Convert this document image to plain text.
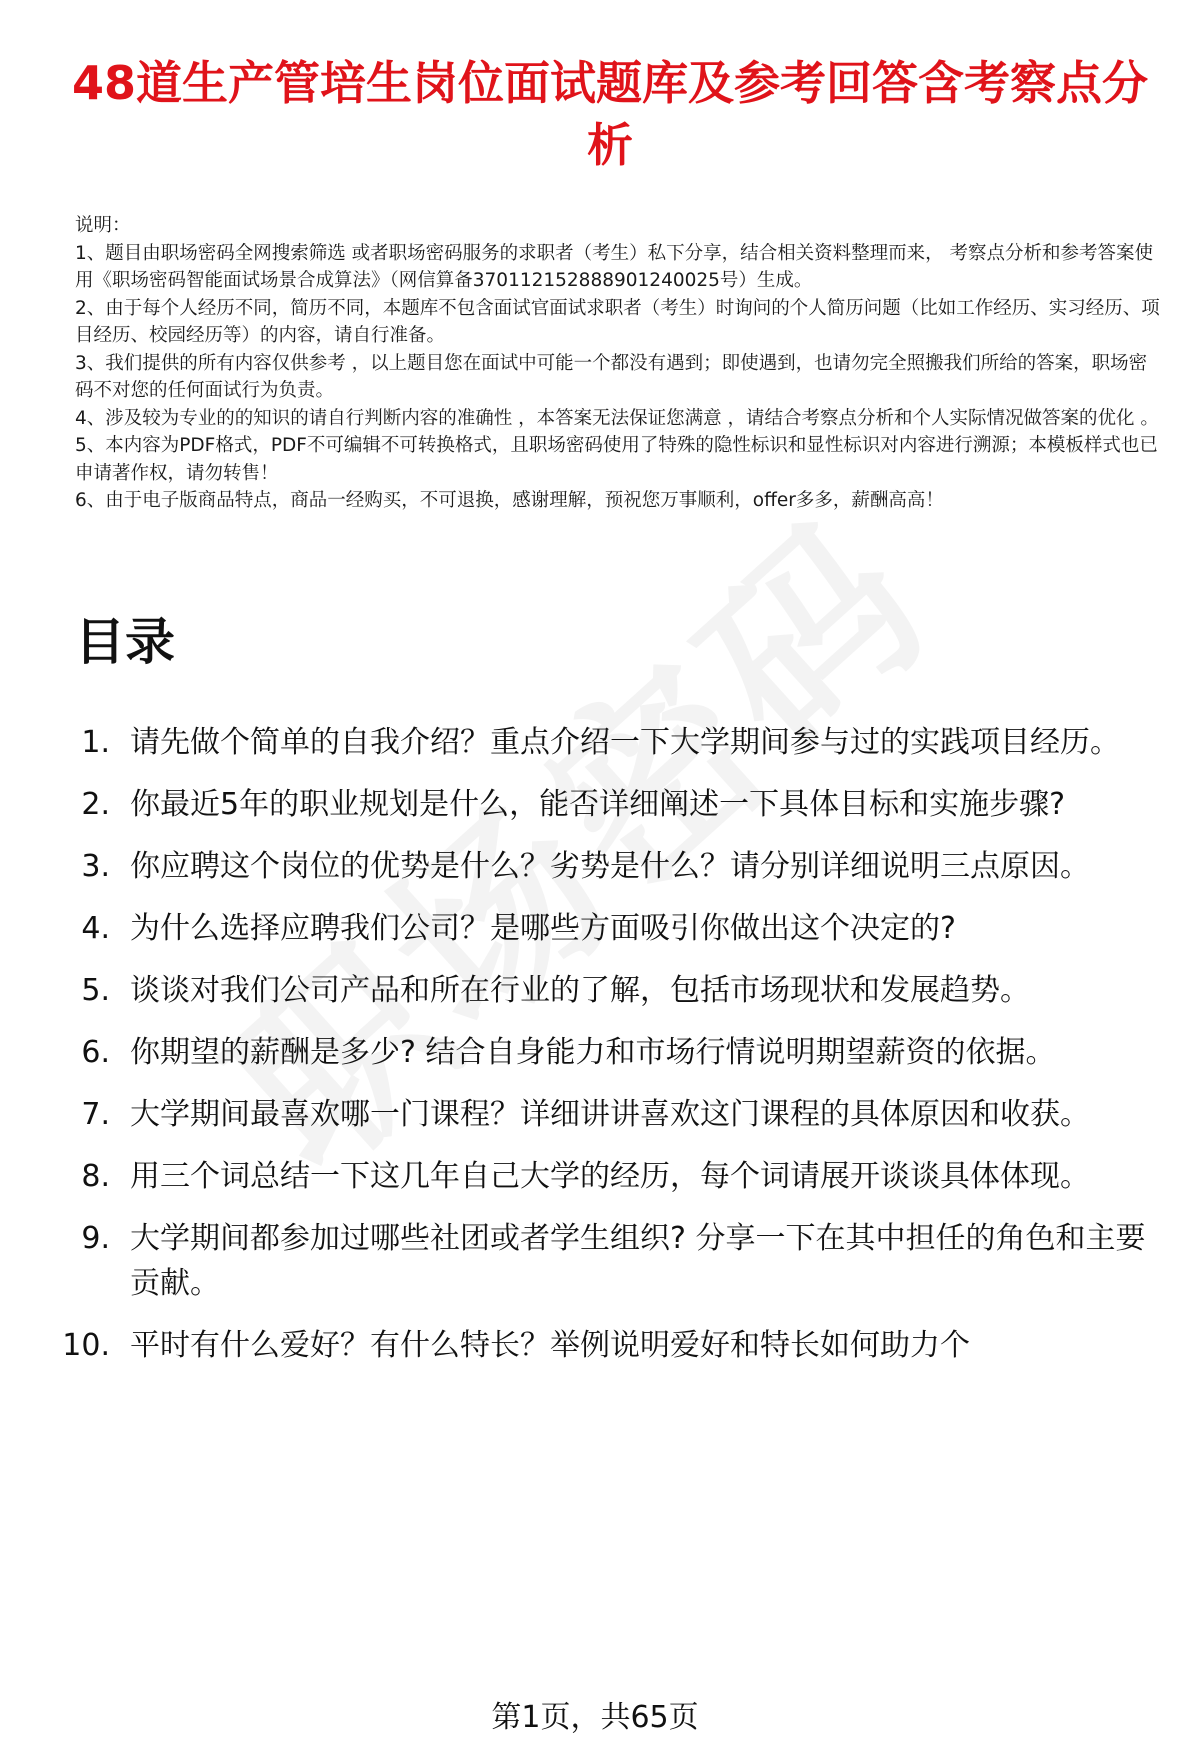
48道生产管培生岗位面试题库及参考回答含考察点分析

说明：

1、题目由职场密码全网搜索筛选 或者职场密码服务的求职者（考生）私下分享，结合相关资料整理而来， 考察点分析和参考答案使用《职场密码智能面试场景合成算法》（网信算备370112152888901240025号）生成。

2、由于每个人经历不同，简历不同，本题库不包含面试官面试求职者（考生）时询问的个人简历问题（比如工作经历、实习经历、项目经历、校园经历等）的内容，请自行准备。

3、我们提供的所有内容仅供参考 ，以上题目您在面试中可能一个都没有遇到；即使遇到，也请勿完全照搬我们所给的答案，职场密码不对您的任何面试行为负责。

4、涉及较为专业的的知识的请自行判断内容的准确性 ，本答案无法保证您满意 ，请结合考察点分析和个人实际情况做答案的优化 。

5、本内容为PDF格式，PDF不可编辑不可转换格式，且职场密码使用了特殊的隐性标识和显性标识对内容进行溯源；本模板样式也已申请著作权，请勿转售！

6、由于电子版商品特点，商品一经购买，不可退换，感谢理解，预祝您万事顺利，offer多多，薪酬高高！

目录
1. 请先做个简单的自我介绍？重点介绍一下大学期间参与过的实践项目经历。
2. 你最近5年的职业规划是什么，能否详细阐述一下具体目标和实施步骤?
3. 你应聘这个岗位的优势是什么？劣势是什么？请分别详细说明三点原因。
4. 为什么选择应聘我们公司？是哪些方面吸引你做出这个决定的?
5. 谈谈对我们公司产品和所在行业的了解，包括市场现状和发展趋势。
6. 你期望的薪酬是多少? 结合自身能力和市场行情说明期望薪资的依据。
7. 大学期间最喜欢哪一门课程？详细讲讲喜欢这门课程的具体原因和收获。
8. 用三个词总结一下这几年自己大学的经历，每个词请展开谈谈具体体现。
9. 大学期间都参加过哪些社团或者学生组织? 分享一下在其中担任的角色和主要贡献。
10. 平时有什么爱好？有什么特长？举例说明爱好和特长如何助力个
第1页，共65页
